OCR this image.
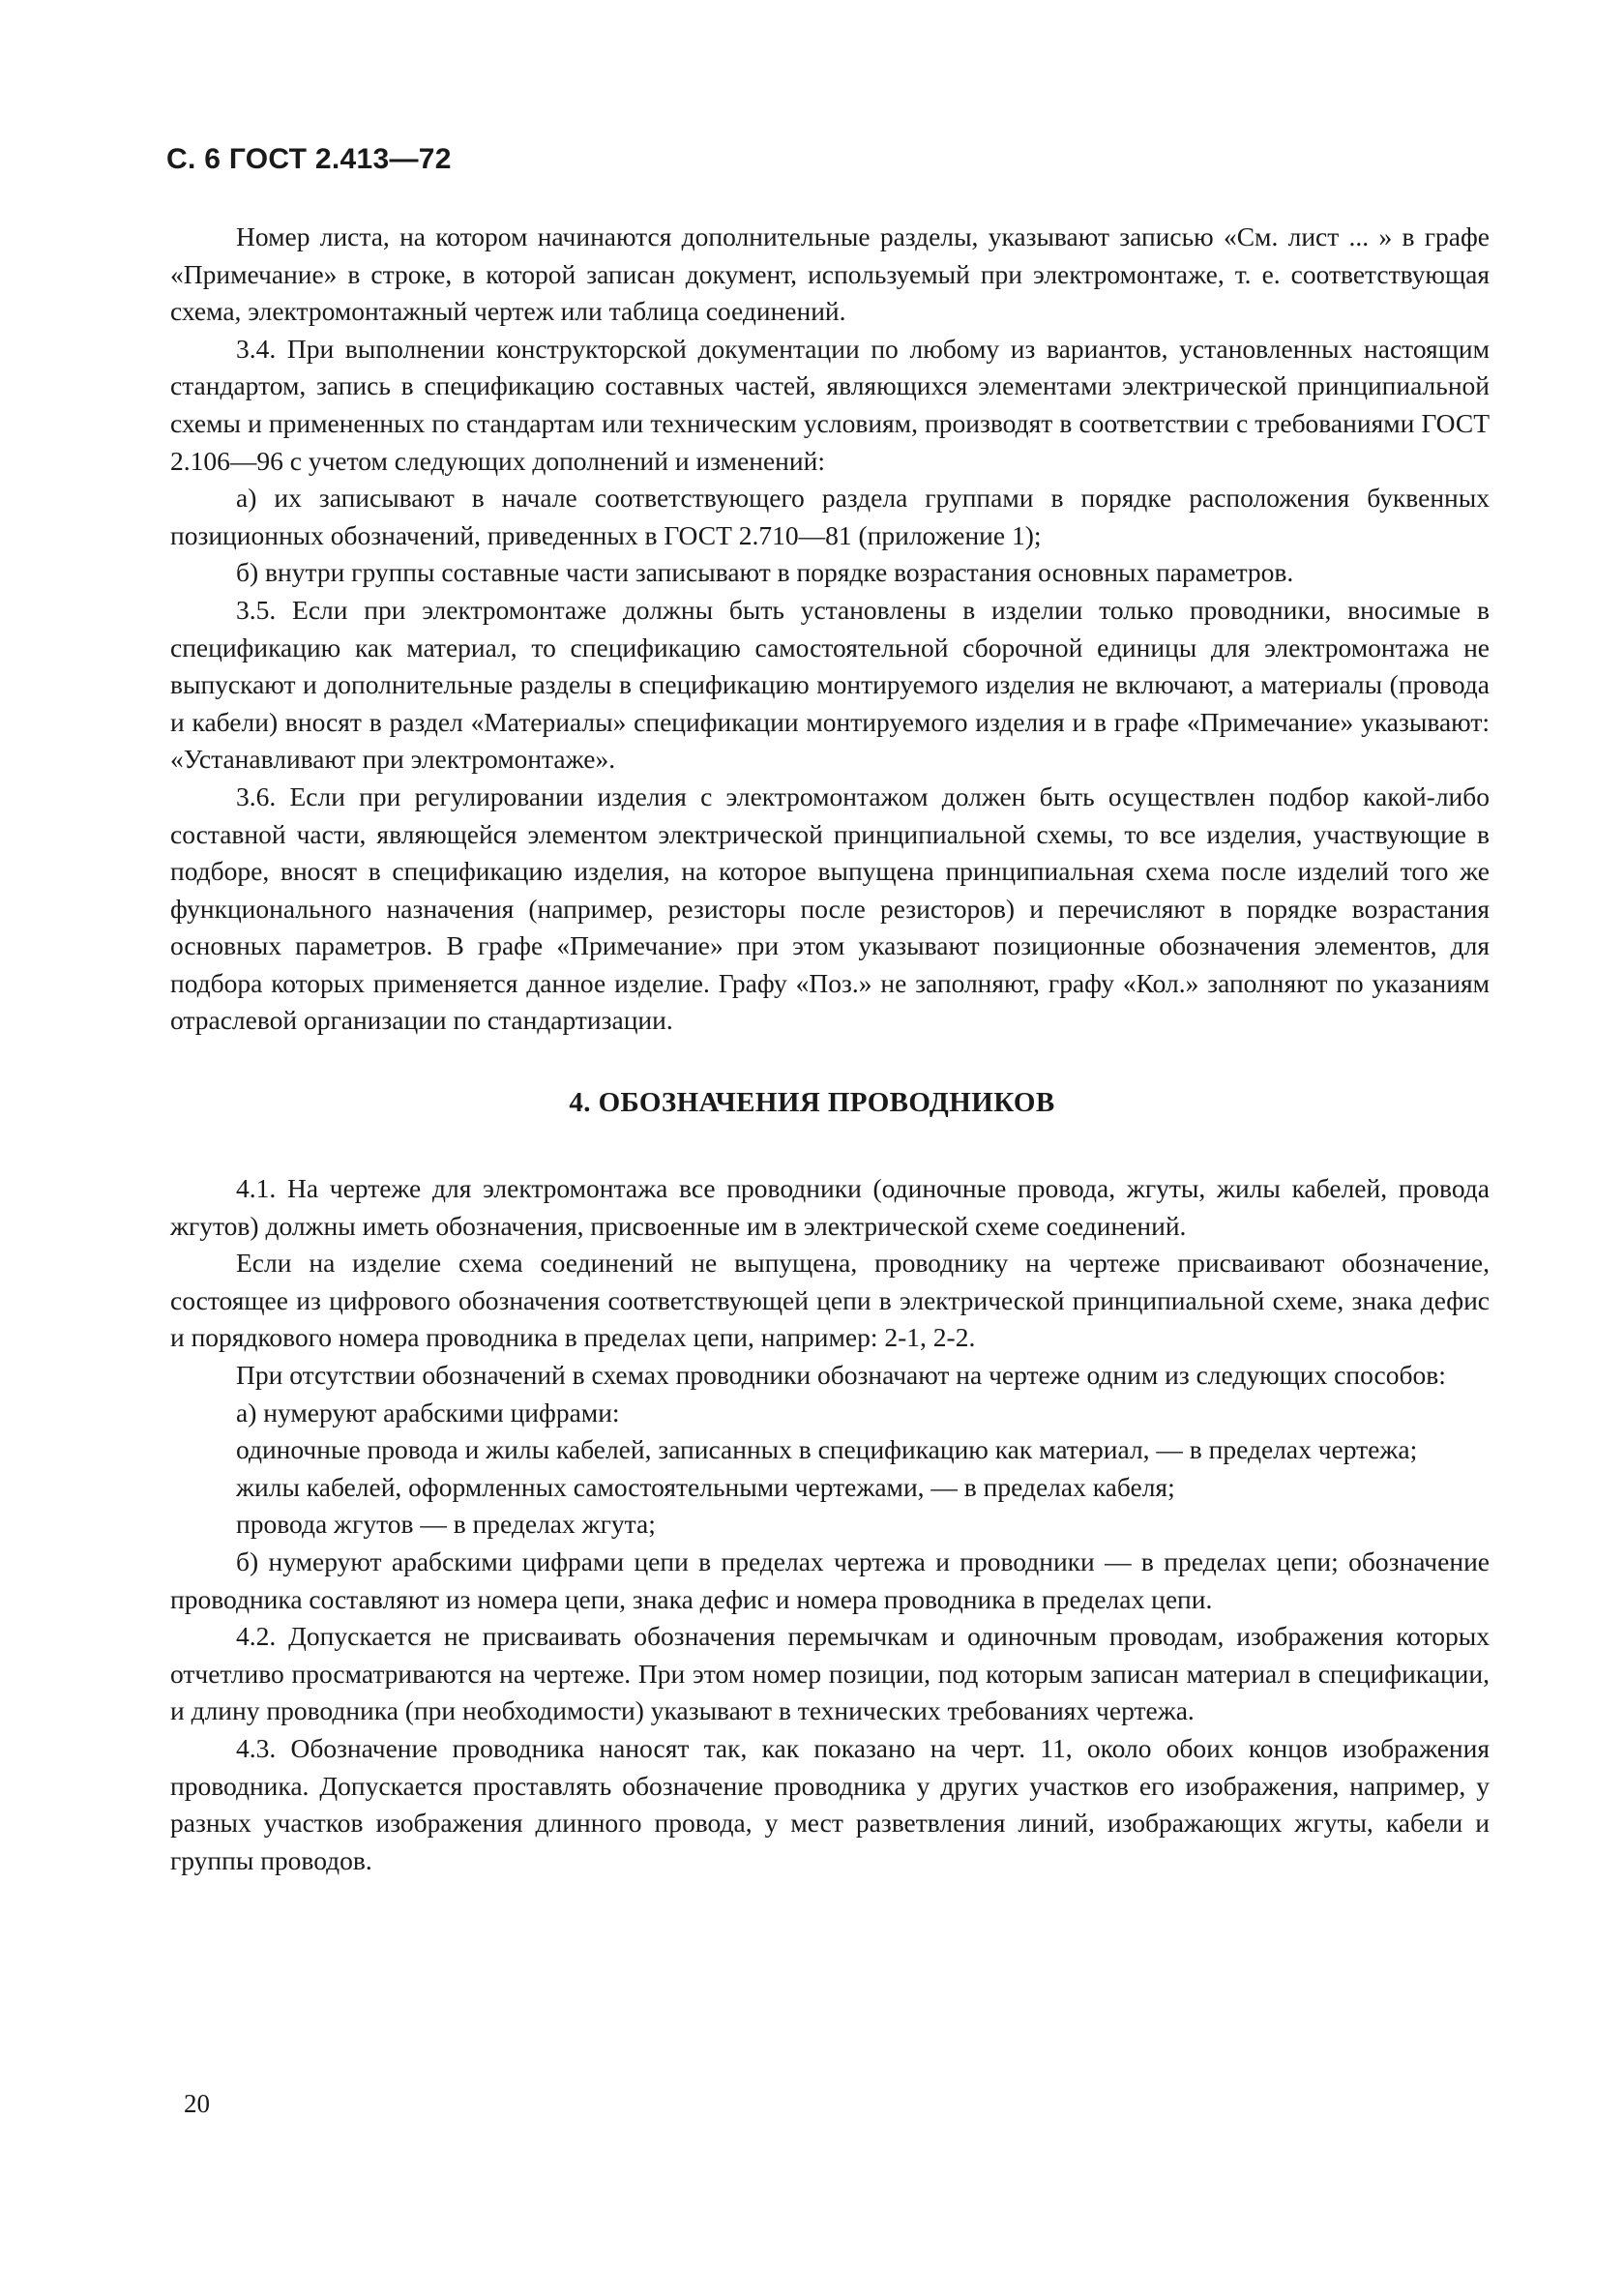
С. 6 ГОСТ 2.413—72

Номер листа, на котором начинаются дополнительные разделы, указывают записью «См. лист ... » в графе «Примечание» в строке, в которой записан документ, используемый при электромонтаже, т. е. соответствующая схема, электромонтажный чертеж или таблица соединений.

3.4. При выполнении конструкторской документации по любому из вариантов, установленных настоящим стандартом, запись в спецификацию составных частей, являющихся элементами электрической принципиальной схемы и примененных по стандартам или техническим условиям, производят в соответствии с требованиями ГОСТ 2.106—96 с учетом следующих дополнений и изменений:

а) их записывают в начале соответствующего раздела группами в порядке расположения буквенных позиционных обозначений, приведенных в ГОСТ 2.710—81 (приложение 1);

б) внутри группы составные части записывают в порядке возрастания основных параметров.

3.5. Если при электромонтаже должны быть установлены в изделии только проводники, вносимые в спецификацию как материал, то спецификацию самостоятельной сборочной единицы для электромонтажа не выпускают и дополнительные разделы в спецификацию монтируемого изделия не включают, а материалы (провода и кабели) вносят в раздел «Материалы» спецификации монтируемого изделия и в графе «Примечание» указывают: «Устанавливают при электромонтаже».

3.6. Если при регулировании изделия с электромонтажом должен быть осуществлен подбор какой-либо составной части, являющейся элементом электрической принципиальной схемы, то все изделия, участвующие в подборе, вносят в спецификацию изделия, на которое выпущена принципиальная схема после изделий того же функционального назначения (например, резисторы после резисторов) и перечисляют в порядке возрастания основных параметров. В графе «Примечание» при этом указывают позиционные обозначения элементов, для подбора которых применяется данное изделие. Графу «Поз.» не заполняют, графу «Кол.» заполняют по указаниям отраслевой организации по стандартизации.

4. ОБОЗНАЧЕНИЯ ПРОВОДНИКОВ

4.1. На чертеже для электромонтажа все проводники (одиночные провода, жгуты, жилы кабелей, провода жгутов) должны иметь обозначения, присвоенные им в электрической схеме соединений.

Если на изделие схема соединений не выпущена, проводнику на чертеже присваивают обозначение, состоящее из цифрового обозначения соответствующей цепи в электрической принципиальной схеме, знака дефис и порядкового номера проводника в пределах цепи, например: 2-1, 2-2.

При отсутствии обозначений в схемах проводники обозначают на чертеже одним из следующих способов:

а) нумеруют арабскими цифрами:

одиночные провода и жилы кабелей, записанных в спецификацию как материал, — в пределах чертежа;

жилы кабелей, оформленных самостоятельными чертежами, — в пределах кабеля;

провода жгутов — в пределах жгута;

б) нумеруют арабскими цифрами цепи в пределах чертежа и проводники — в пределах цепи; обозначение проводника составляют из номера цепи, знака дефис и номера проводника в пределах цепи.

4.2. Допускается не присваивать обозначения перемычкам и одиночным проводам, изображения которых отчетливо просматриваются на чертеже. При этом номер позиции, под которым записан материал в спецификации, и длину проводника (при необходимости) указывают в технических требованиях чертежа.

4.3. Обозначение проводника наносят так, как показано на черт. 11, около обоих концов изображения проводника. Допускается проставлять обозначение проводника у других участков его изображения, например, у разных участков изображения длинного провода, у мест разветвления линий, изображающих жгуты, кабели и группы проводов.

20
